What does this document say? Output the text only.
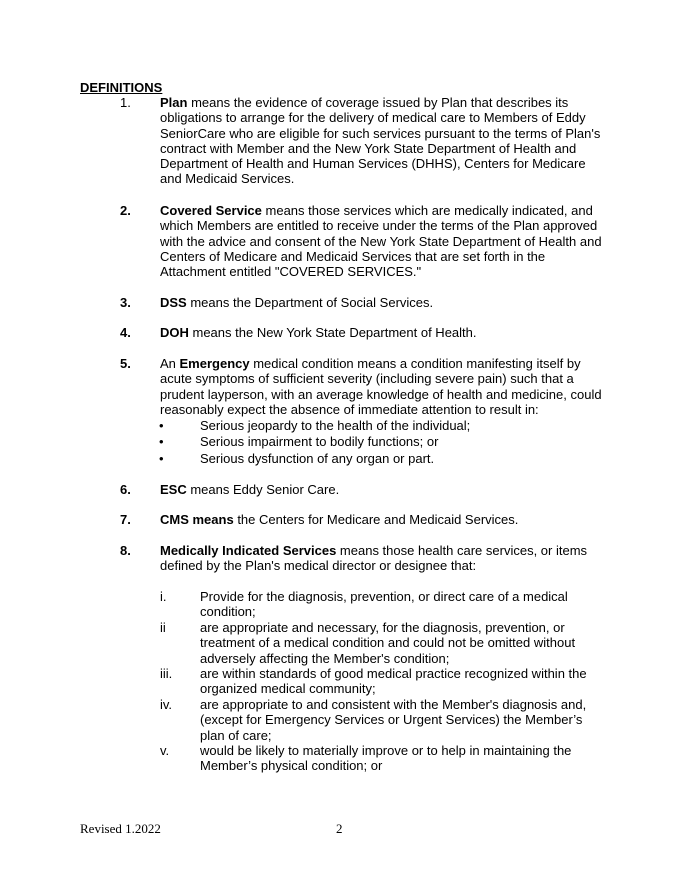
DEFINITIONS
1. Plan means the evidence of coverage issued by Plan that describes its obligations to arrange for the delivery of medical care to Members of Eddy SeniorCare who are eligible for such services pursuant to the terms of Plan's contract with Member and the New York State Department of Health and Department of Health and Human Services (DHHS), Centers for Medicare and Medicaid Services.
2. Covered Service means those services which are medically indicated, and which Members are entitled to receive under the terms of the Plan approved with the advice and consent of the New York State Department of Health and Centers of Medicare and Medicaid Services that are set forth in the Attachment entitled "COVERED SERVICES."
3. DSS means the Department of Social Services.
4. DOH means the New York State Department of Health.
5. An Emergency medical condition means a condition manifesting itself by acute symptoms of sufficient severity (including severe pain) such that a prudent layperson, with an average knowledge of health and medicine, could reasonably expect the absence of immediate attention to result in:
•	Serious jeopardy to the health of the individual;
•	Serious impairment to bodily functions; or
•	Serious dysfunction of any organ or part.
6. ESC means Eddy Senior Care.
7. CMS means the Centers for Medicare and Medicaid Services.
8. Medically Indicated Services means those health care services, or items defined by the Plan's medical director or designee that:
i.	Provide for the diagnosis, prevention, or direct care of a medical condition;
ii	are appropriate and necessary, for the diagnosis, prevention, or treatment of a medical condition and could not be omitted without adversely affecting the Member's condition;
iii. are within standards of good medical practice recognized within the organized medical community;
iv. are appropriate to and consistent with the Member's diagnosis and, (except for Emergency Services or Urgent Services) the Member’s plan of care;
v. would be likely to materially improve or to help in maintaining the Member’s physical condition; or
Revised 1.2022	2
